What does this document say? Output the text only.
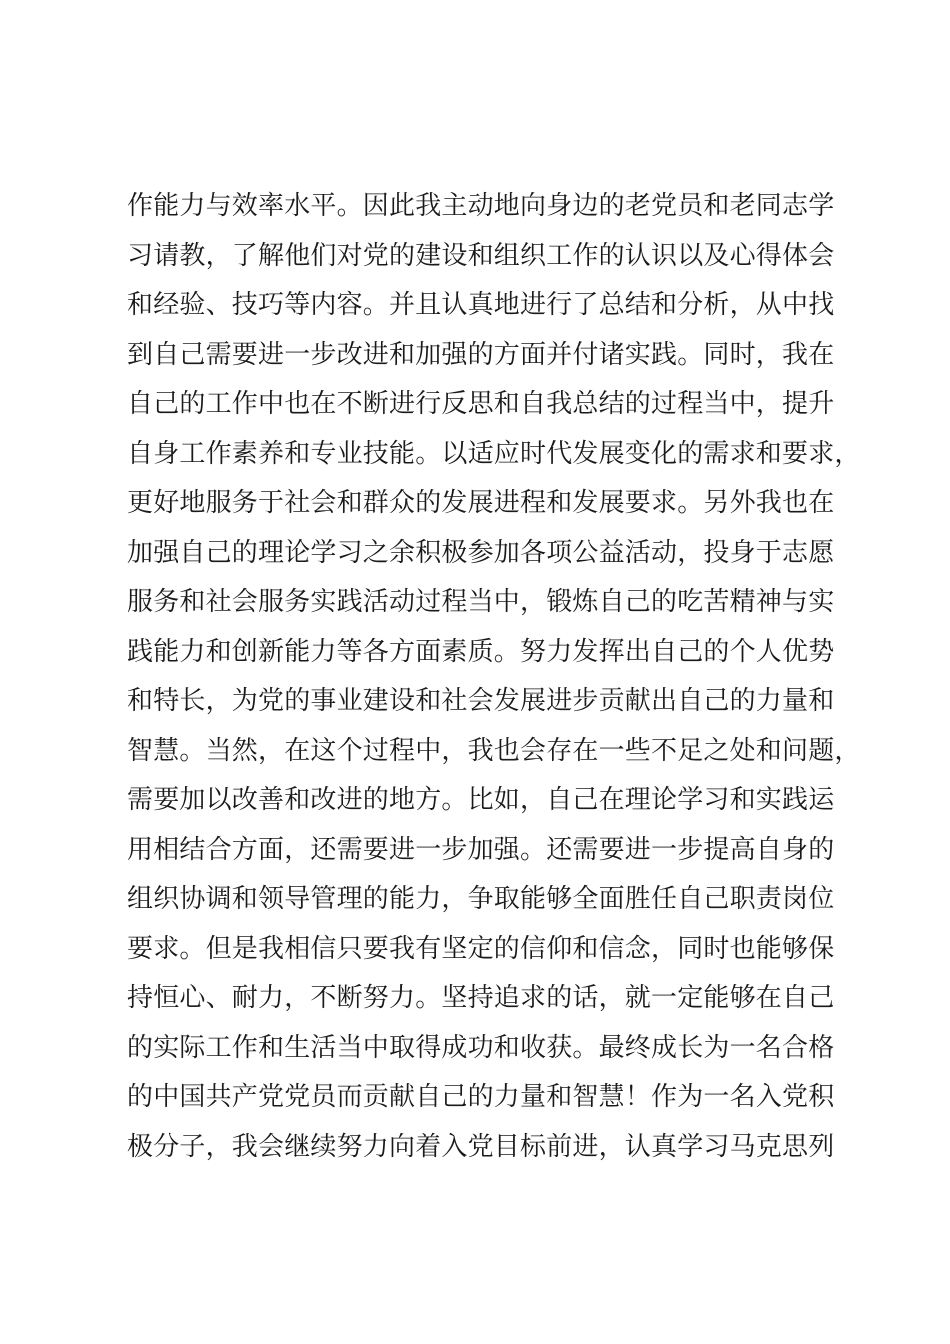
作能力与效率水平。因此我主动地向身边的老党员和老同志学
习请教，了解他们对党的建设和组织工作的认识以及心得体会
和经验、技巧等内容。并且认真地进行了总结和分析，从中找
到自己需要进一步改进和加强的方面并付诸实践。同时，我在
自己的工作中也在不断进行反思和自我总结的过程当中，提升
自身工作素养和专业技能。以适应时代发展变化的需求和要求，
更好地服务于社会和群众的发展进程和发展要求。另外我也在
加强自己的理论学习之余积极参加各项公益活动，投身于志愿
服务和社会服务实践活动过程当中，锻炼自己的吃苦精神与实
践能力和创新能力等各方面素质。努力发挥出自己的个人优势
和特长，为党的事业建设和社会发展进步贡献出自己的力量和
智慧。当然，在这个过程中，我也会存在一些不足之处和问题，
需要加以改善和改进的地方。比如，自己在理论学习和实践运
用相结合方面，还需要进一步加强。还需要进一步提高自身的
组织协调和领导管理的能力，争取能够全面胜任自己职责岗位
要求。但是我相信只要我有坚定的信仰和信念，同时也能够保
持恒心、耐力，不断努力。坚持追求的话，就一定能够在自己
的实际工作和生活当中取得成功和收获。最终成长为一名合格
的中国共产党党员而贡献自己的力量和智慧！作为一名入党积
极分子，我会继续努力向着入党目标前进，认真学习马克思列
